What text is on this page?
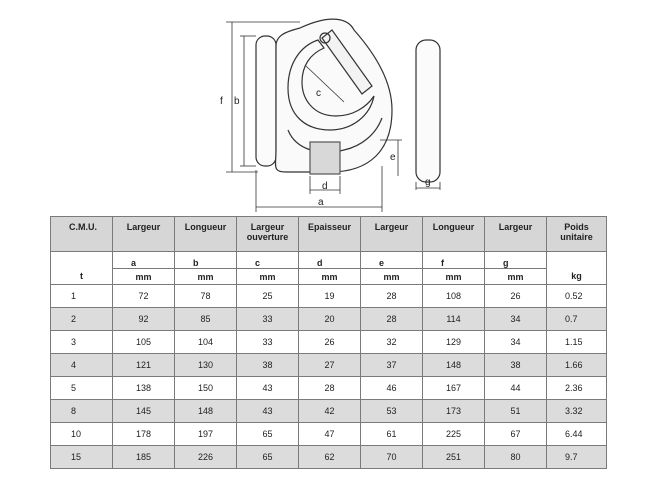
f b
c
e
d
a
g
C.M.U.	Largeur	Longueur	Largeur ouverture	Epaisseur	Largeur	Longueur	Largeur	Poids unitaire
	a	b	c	d	e	f	g	
t	mm	mm	mm	mm	mm	mm	mm	kg
1	72	78	25	19	28	108	26	0.52
2	92	85	33	20	28	114	34	0.7
3	105	104	33	26	32	129	34	1.15
4	121	130	38	27	37	148	38	1.66
5	138	150	43	28	46	167	44	2.36
8	145	148	43	42	53	173	51	3.32
10	178	197	65	47	61	225	67	6.44
15	185	226	65	62	70	251	80	9.7
